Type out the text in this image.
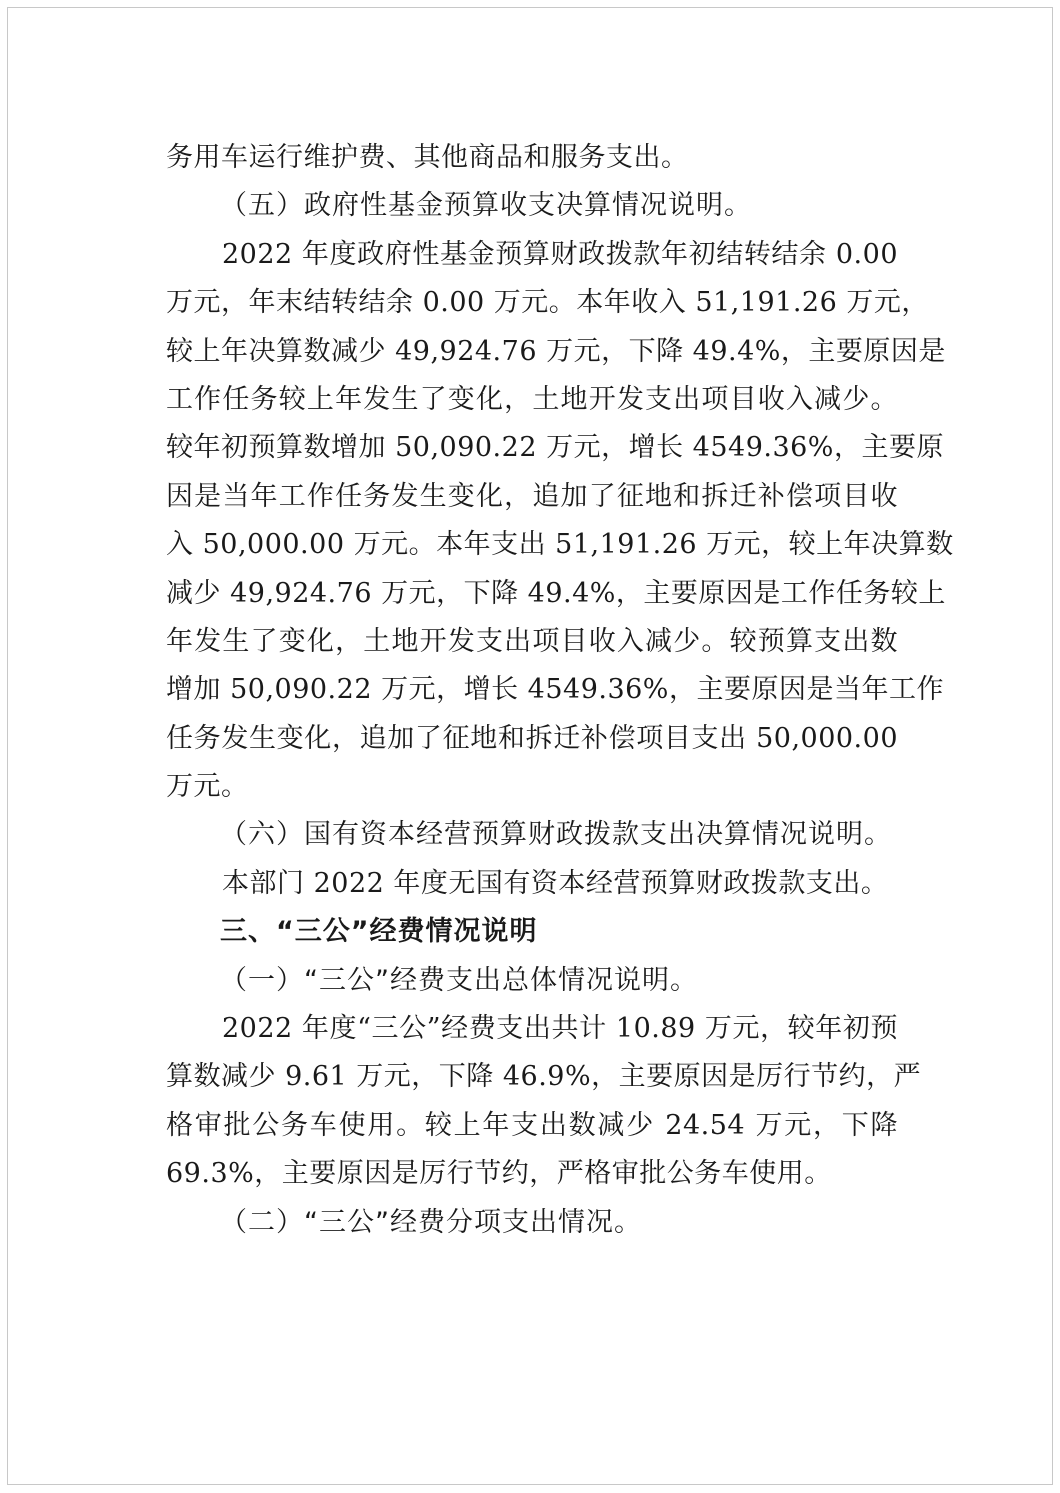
务用车运行维护费、其他商品和服务支出。
（五）政府性基金预算收支决算情况说明。
2022 年度政府性基金预算财政拨款年初结转结余 0.00
万元，年末结转结余 0.00 万元。本年收入 51,191.26 万元，
较上年决算数减少 49,924.76 万元，下降 49.4%，主要原因是
工作任务较上年发生了变化，土地开发支出项目收入减少。
较年初预算数增加 50,090.22 万元，增长 4549.36%，主要原
因是当年工作任务发生变化，追加了征地和拆迁补偿项目收
入 50,000.00 万元。本年支出 51,191.26 万元，较上年决算数
减少 49,924.76 万元，下降 49.4%，主要原因是工作任务较上
年发生了变化，土地开发支出项目收入减少。较预算支出数
增加 50,090.22 万元，增长 4549.36%，主要原因是当年工作
任务发生变化，追加了征地和拆迁补偿项目支出 50,000.00
万元。
（六）国有资本经营预算财政拨款支出决算情况说明。
本部门 2022 年度无国有资本经营预算财政拨款支出。
三、“三公”经费情况说明
（一）“三公”经费支出总体情况说明。
2022 年度“三公”经费支出共计 10.89 万元，较年初预
算数减少 9.61 万元，下降 46.9%，主要原因是厉行节约，严
格审批公务车使用。较上年支出数减少 24.54 万元，下降
69.3%，主要原因是厉行节约，严格审批公务车使用。
（二）“三公”经费分项支出情况。
